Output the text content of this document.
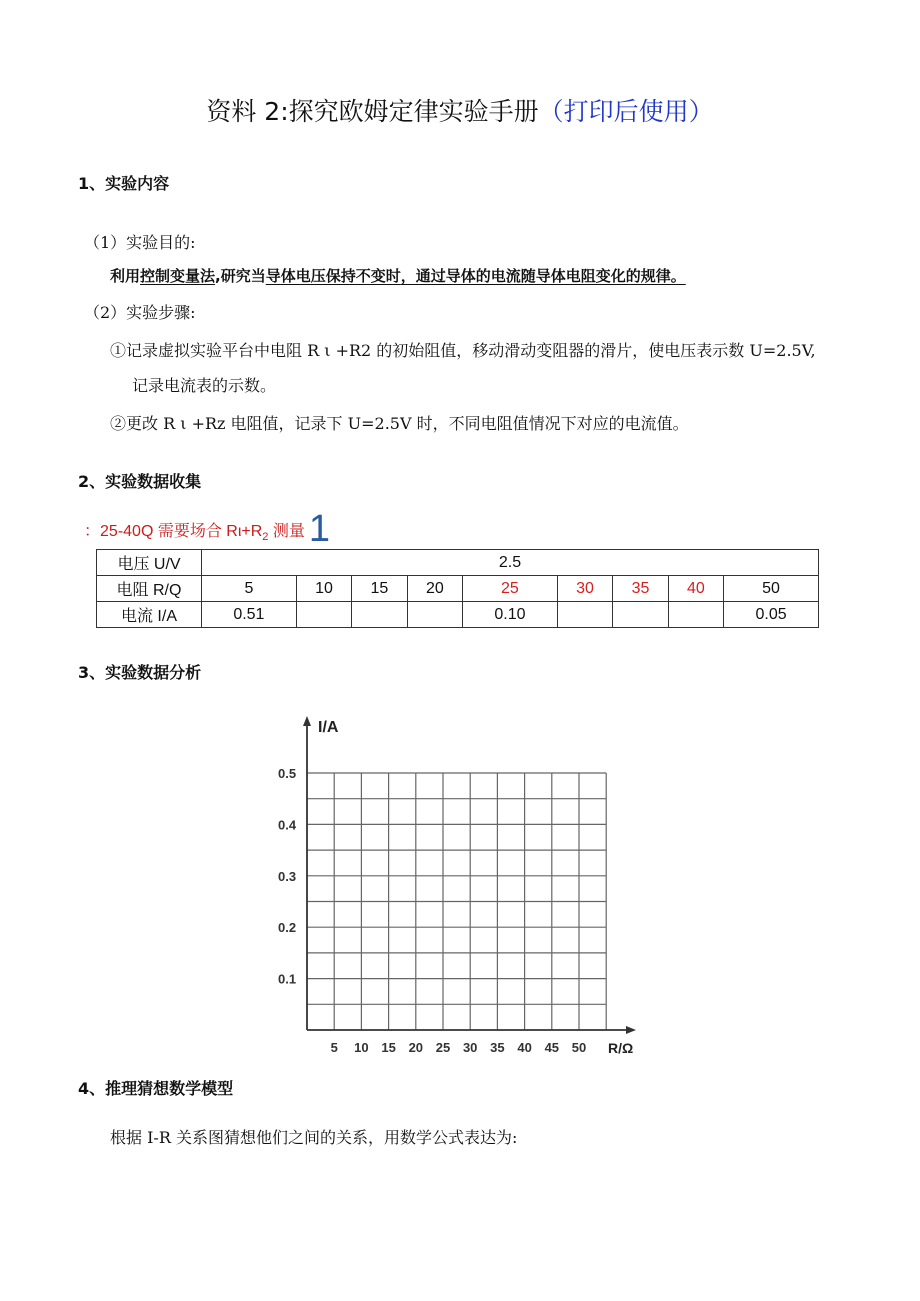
资料 2:探究欧姆定律实验手册（打印后使用）
1、实验内容
（1）实验目的:
利用控制变量法,研究当导体电压保持不变时，通过导体的电流随导体电阻变化的规律。
（2）实验步骤:
①记录虚拟实验平台中电阻 R ι +R2 的初始阻值，移动滑动变阻器的滑片，使电压表示数 U=2.5V,
记录电流表的示数。
②更改 R ι +Rz 电阻值，记录下 U=2.5V 时，不同电阻值情况下对应的电流值。
2、实验数据收集
：25-40Q 需要场合 $R\iota+R_2$ 测量 1
电压 U/V	2.5								
电阻 R/Q	5	10	15	20	25	30	35	40	50
电流 I/A	0.51				0.10				0.05
3、实验数据分析
0.1
0.2
0.3
0.4
0.5
5 10 15 20 25 30 35 40 45 50
I/A
R/Ω
4、推理猜想数学模型
根据 I-R 关系图猜想他们之间的关系，用数学公式表达为:
